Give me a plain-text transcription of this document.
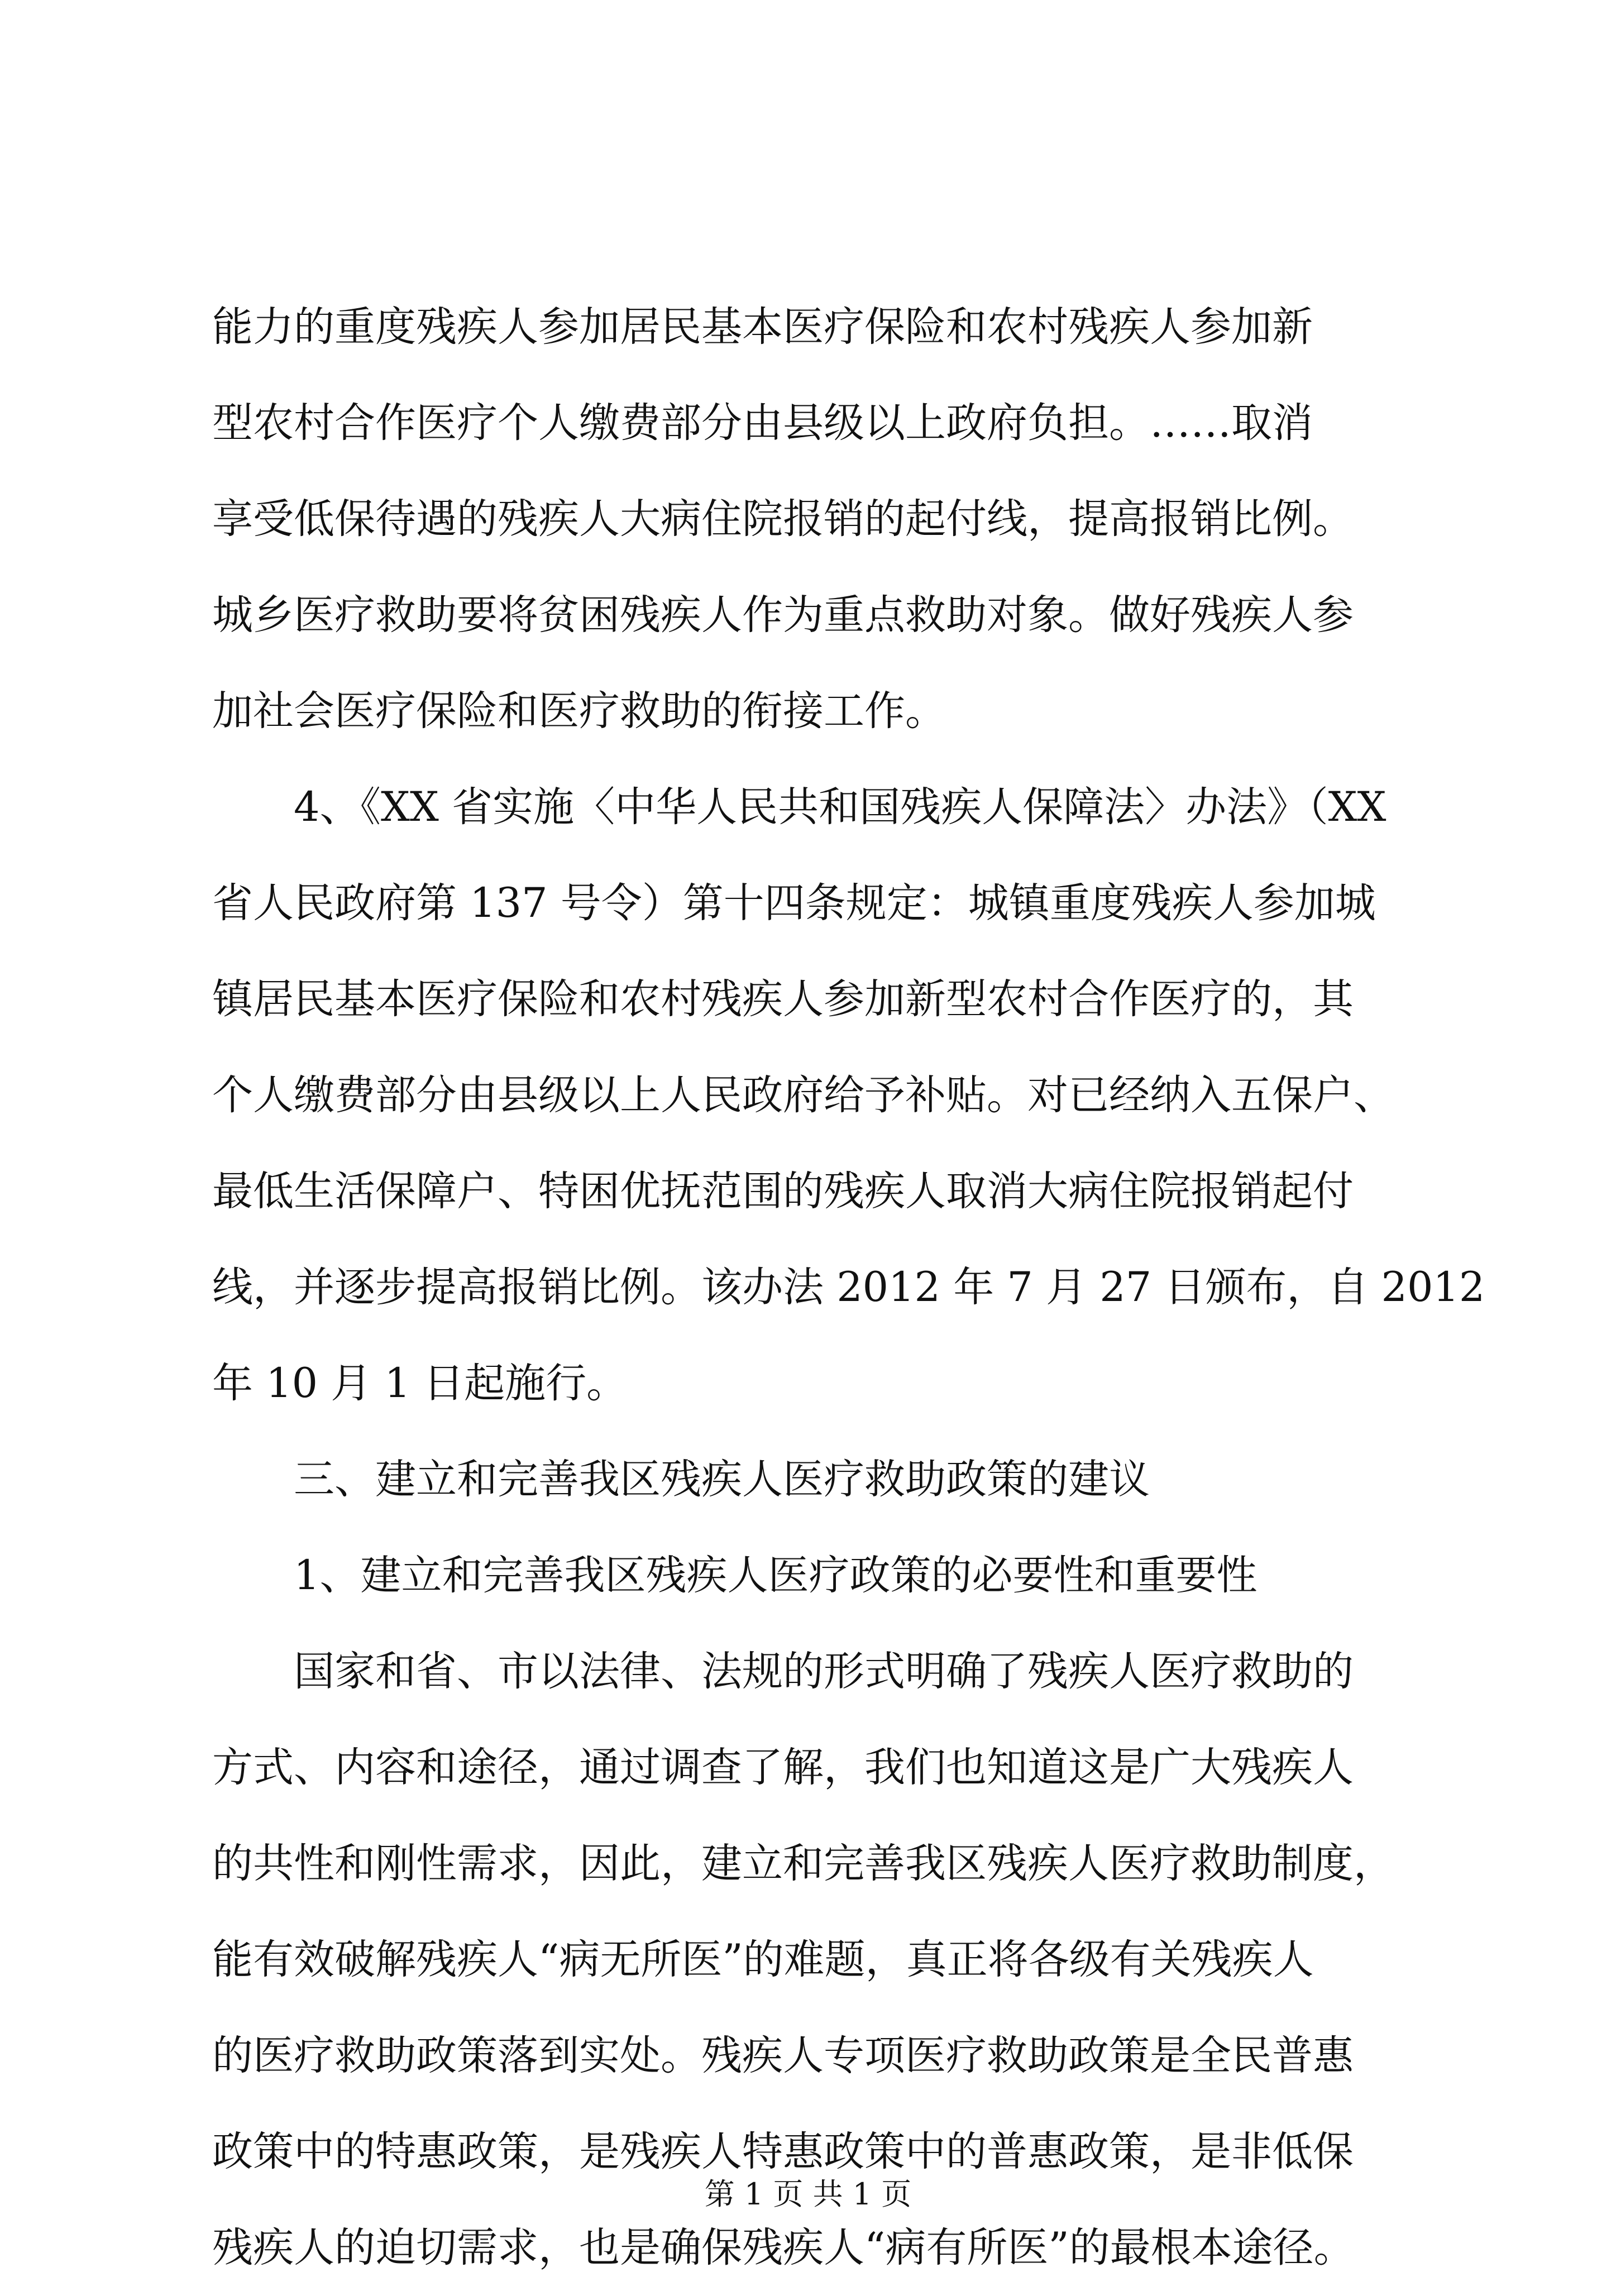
能力的重度残疾人参加居民基本医疗保险和农村残疾人参加新
型农村合作医疗个人缴费部分由县级以上政府负担。……取消
享受低保待遇的残疾人大病住院报销的起付线，提高报销比例。
城乡医疗救助要将贫困残疾人作为重点救助对象。做好残疾人参
加社会医疗保险和医疗救助的衔接工作。
4、《XX 省实施〈中华人民共和国残疾人保障法〉办法》（XX
省人民政府第 137 号令）第十四条规定：城镇重度残疾人参加城
镇居民基本医疗保险和农村残疾人参加新型农村合作医疗的，其
个人缴费部分由县级以上人民政府给予补贴。对已经纳入五保户、
最低生活保障户、特困优抚范围的残疾人取消大病住院报销起付
线，并逐步提高报销比例。该办法 2012 年 7 月 27 日颁布，自 2012
年 10 月 1 日起施行。
三、建立和完善我区残疾人医疗救助政策的建议
1、建立和完善我区残疾人医疗政策的必要性和重要性
国家和省、市以法律、法规的形式明确了残疾人医疗救助的
方式、内容和途径，通过调查了解，我们也知道这是广大残疾人
的共性和刚性需求，因此，建立和完善我区残疾人医疗救助制度，
能有效破解残疾人“病无所医”的难题，真正将各级有关残疾人
的医疗救助政策落到实处。残疾人专项医疗救助政策是全民普惠
政策中的特惠政策，是残疾人特惠政策中的普惠政策，是非低保
残疾人的迫切需求，也是确保残疾人“病有所医”的最根本途径。
第 1 页 共 1 页
